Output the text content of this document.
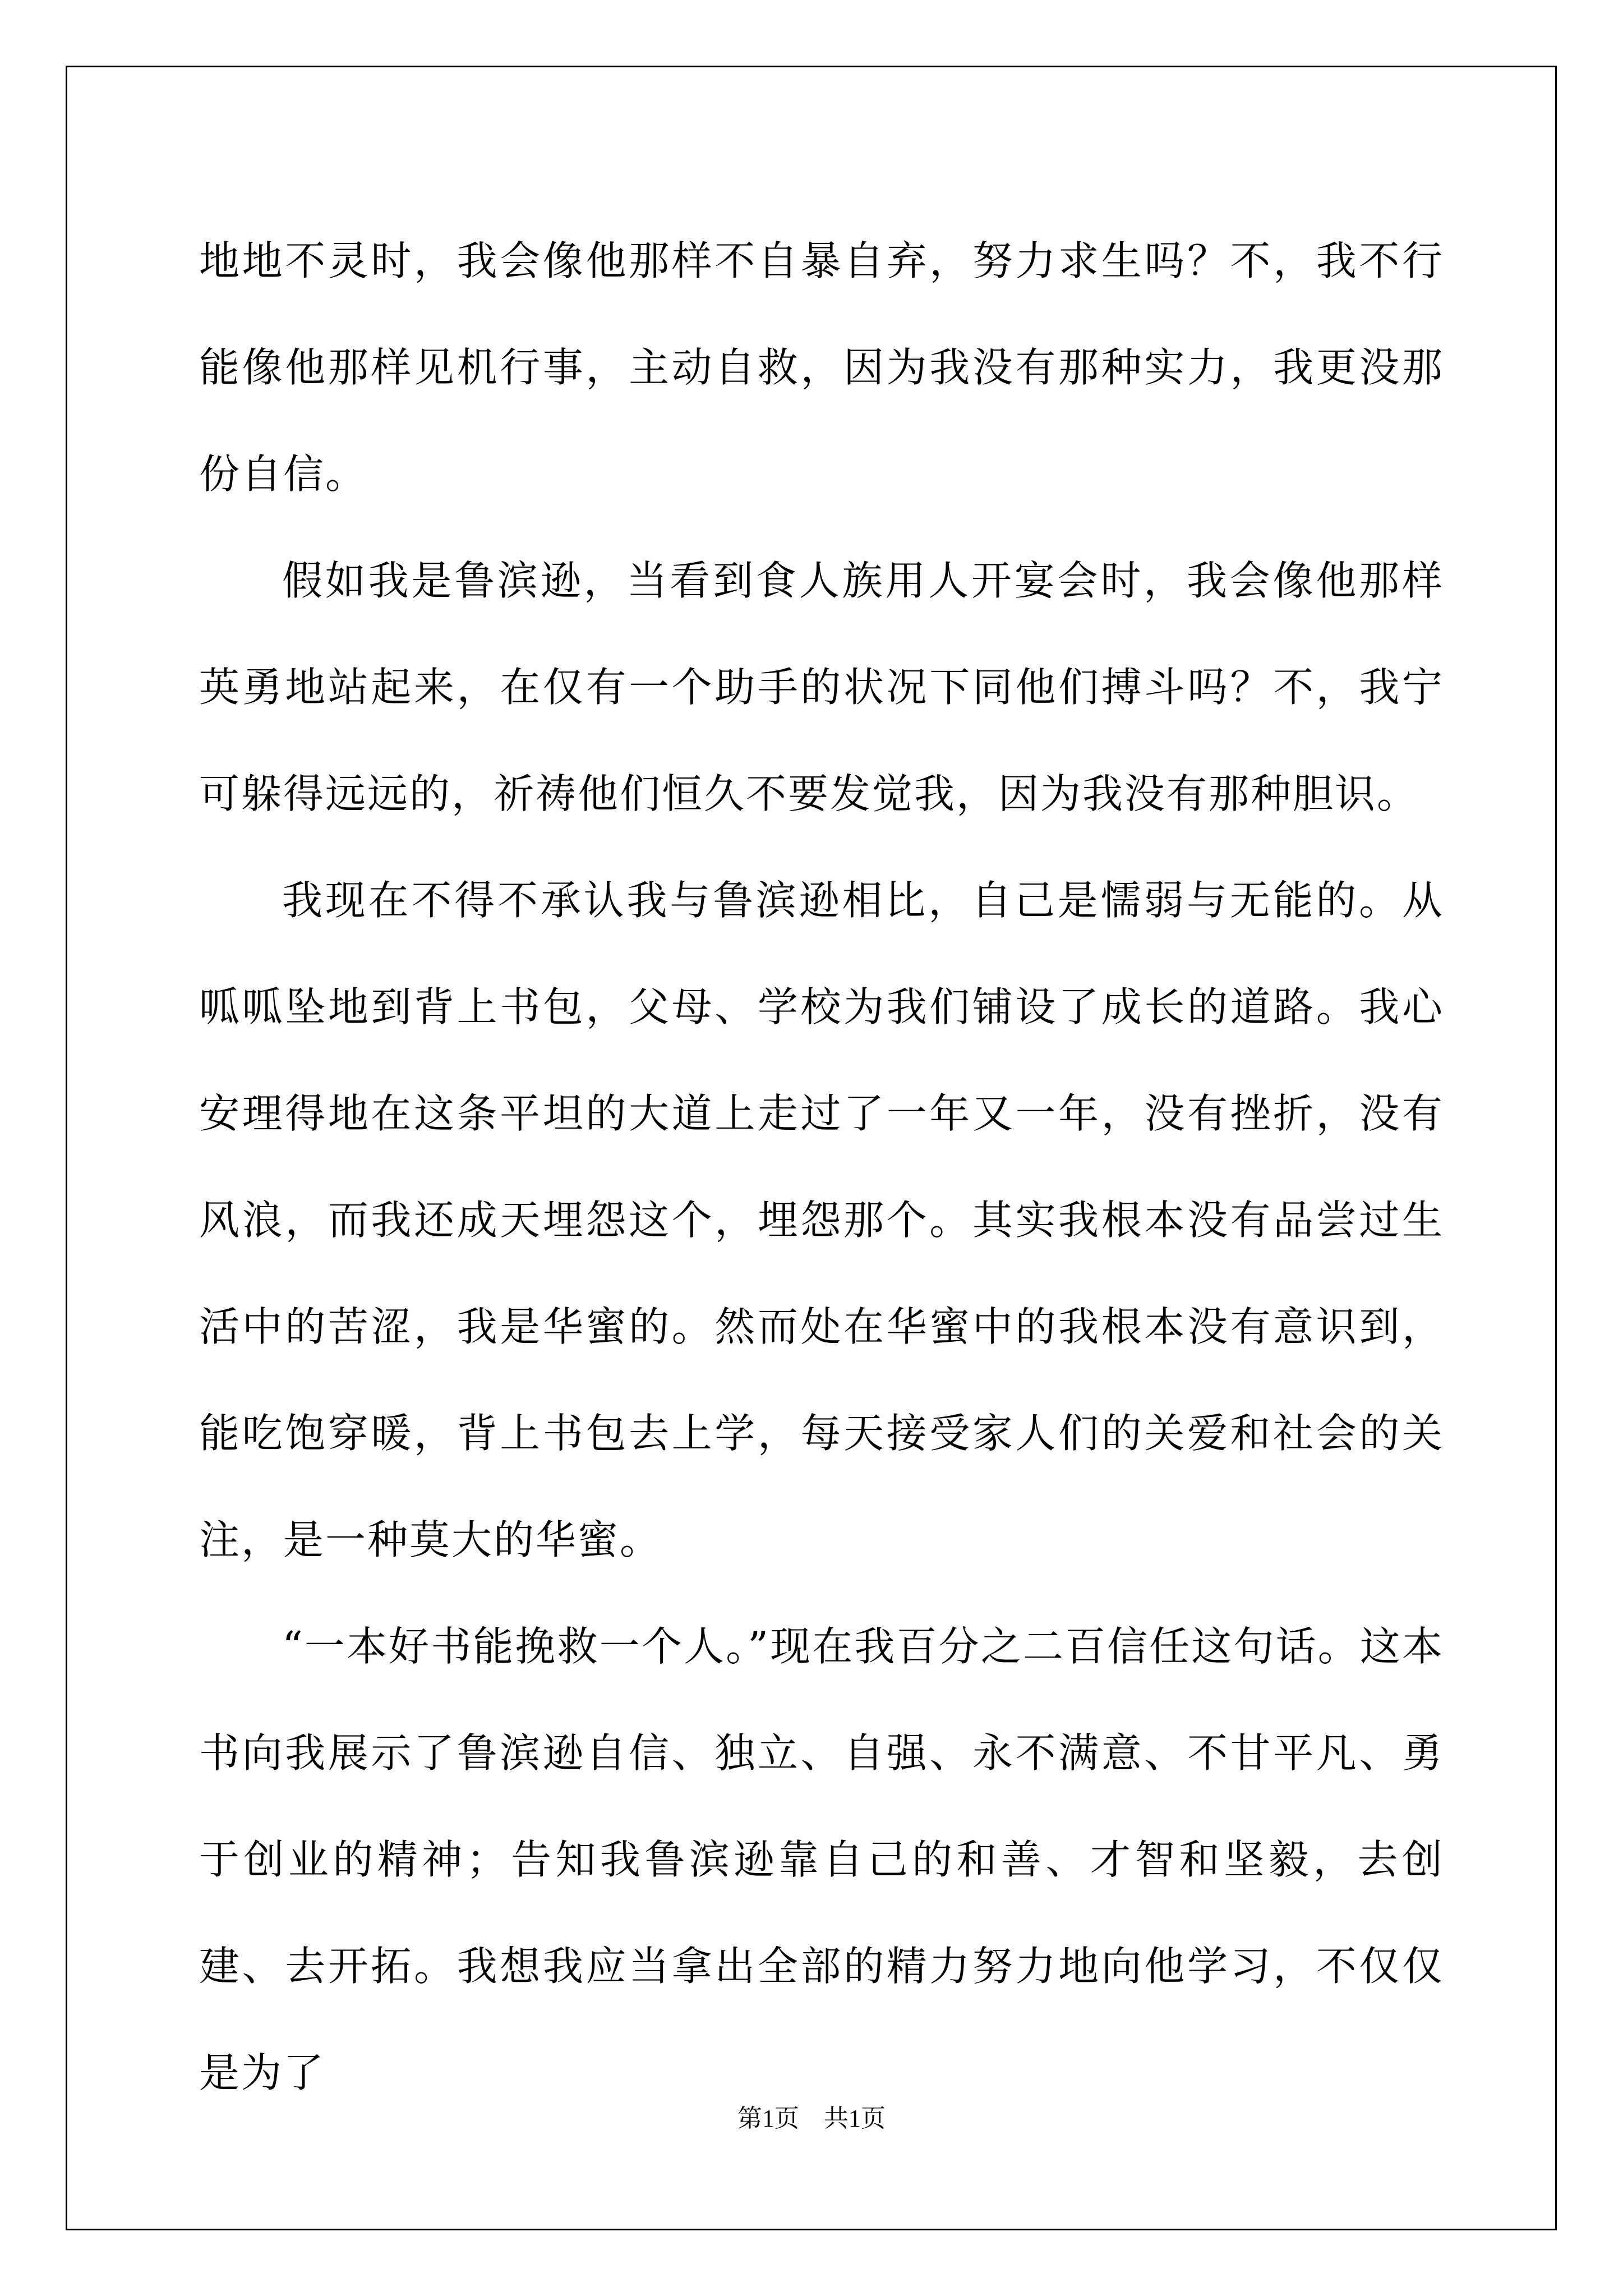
地地不灵时，我会像他那样不自暴自弃，努力求生吗？不，我不行能像他那样见机行事，主动自救，因为我没有那种实力，我更没那份自信。

假如我是鲁滨逊，当看到食人族用人开宴会时，我会像他那样英勇地站起来，在仅有一个助手的状况下同他们搏斗吗？不，我宁可躲得远远的，祈祷他们恒久不要发觉我，因为我没有那种胆识。

我现在不得不承认我与鲁滨逊相比，自己是懦弱与无能的。从呱呱坠地到背上书包，父母、学校为我们铺设了成长的道路。我心安理得地在这条平坦的大道上走过了一年又一年，没有挫折，没有风浪，而我还成天埋怨这个，埋怨那个。其实我根本没有品尝过生活中的苦涩，我是华蜜的。然而处在华蜜中的我根本没有意识到，能吃饱穿暖，背上书包去上学，每天接受家人们的关爱和社会的关注，是一种莫大的华蜜。

“一本好书能挽救一个人。”现在我百分之二百信任这句话。这本书向我展示了鲁滨逊自信、独立、自强、永不满意、不甘平凡、勇于创业的精神；告知我鲁滨逊靠自己的和善、才智和坚毅，去创建、去开拓。我想我应当拿出全部的精力努力地向他学习，不仅仅是为了

第1页　共1页
